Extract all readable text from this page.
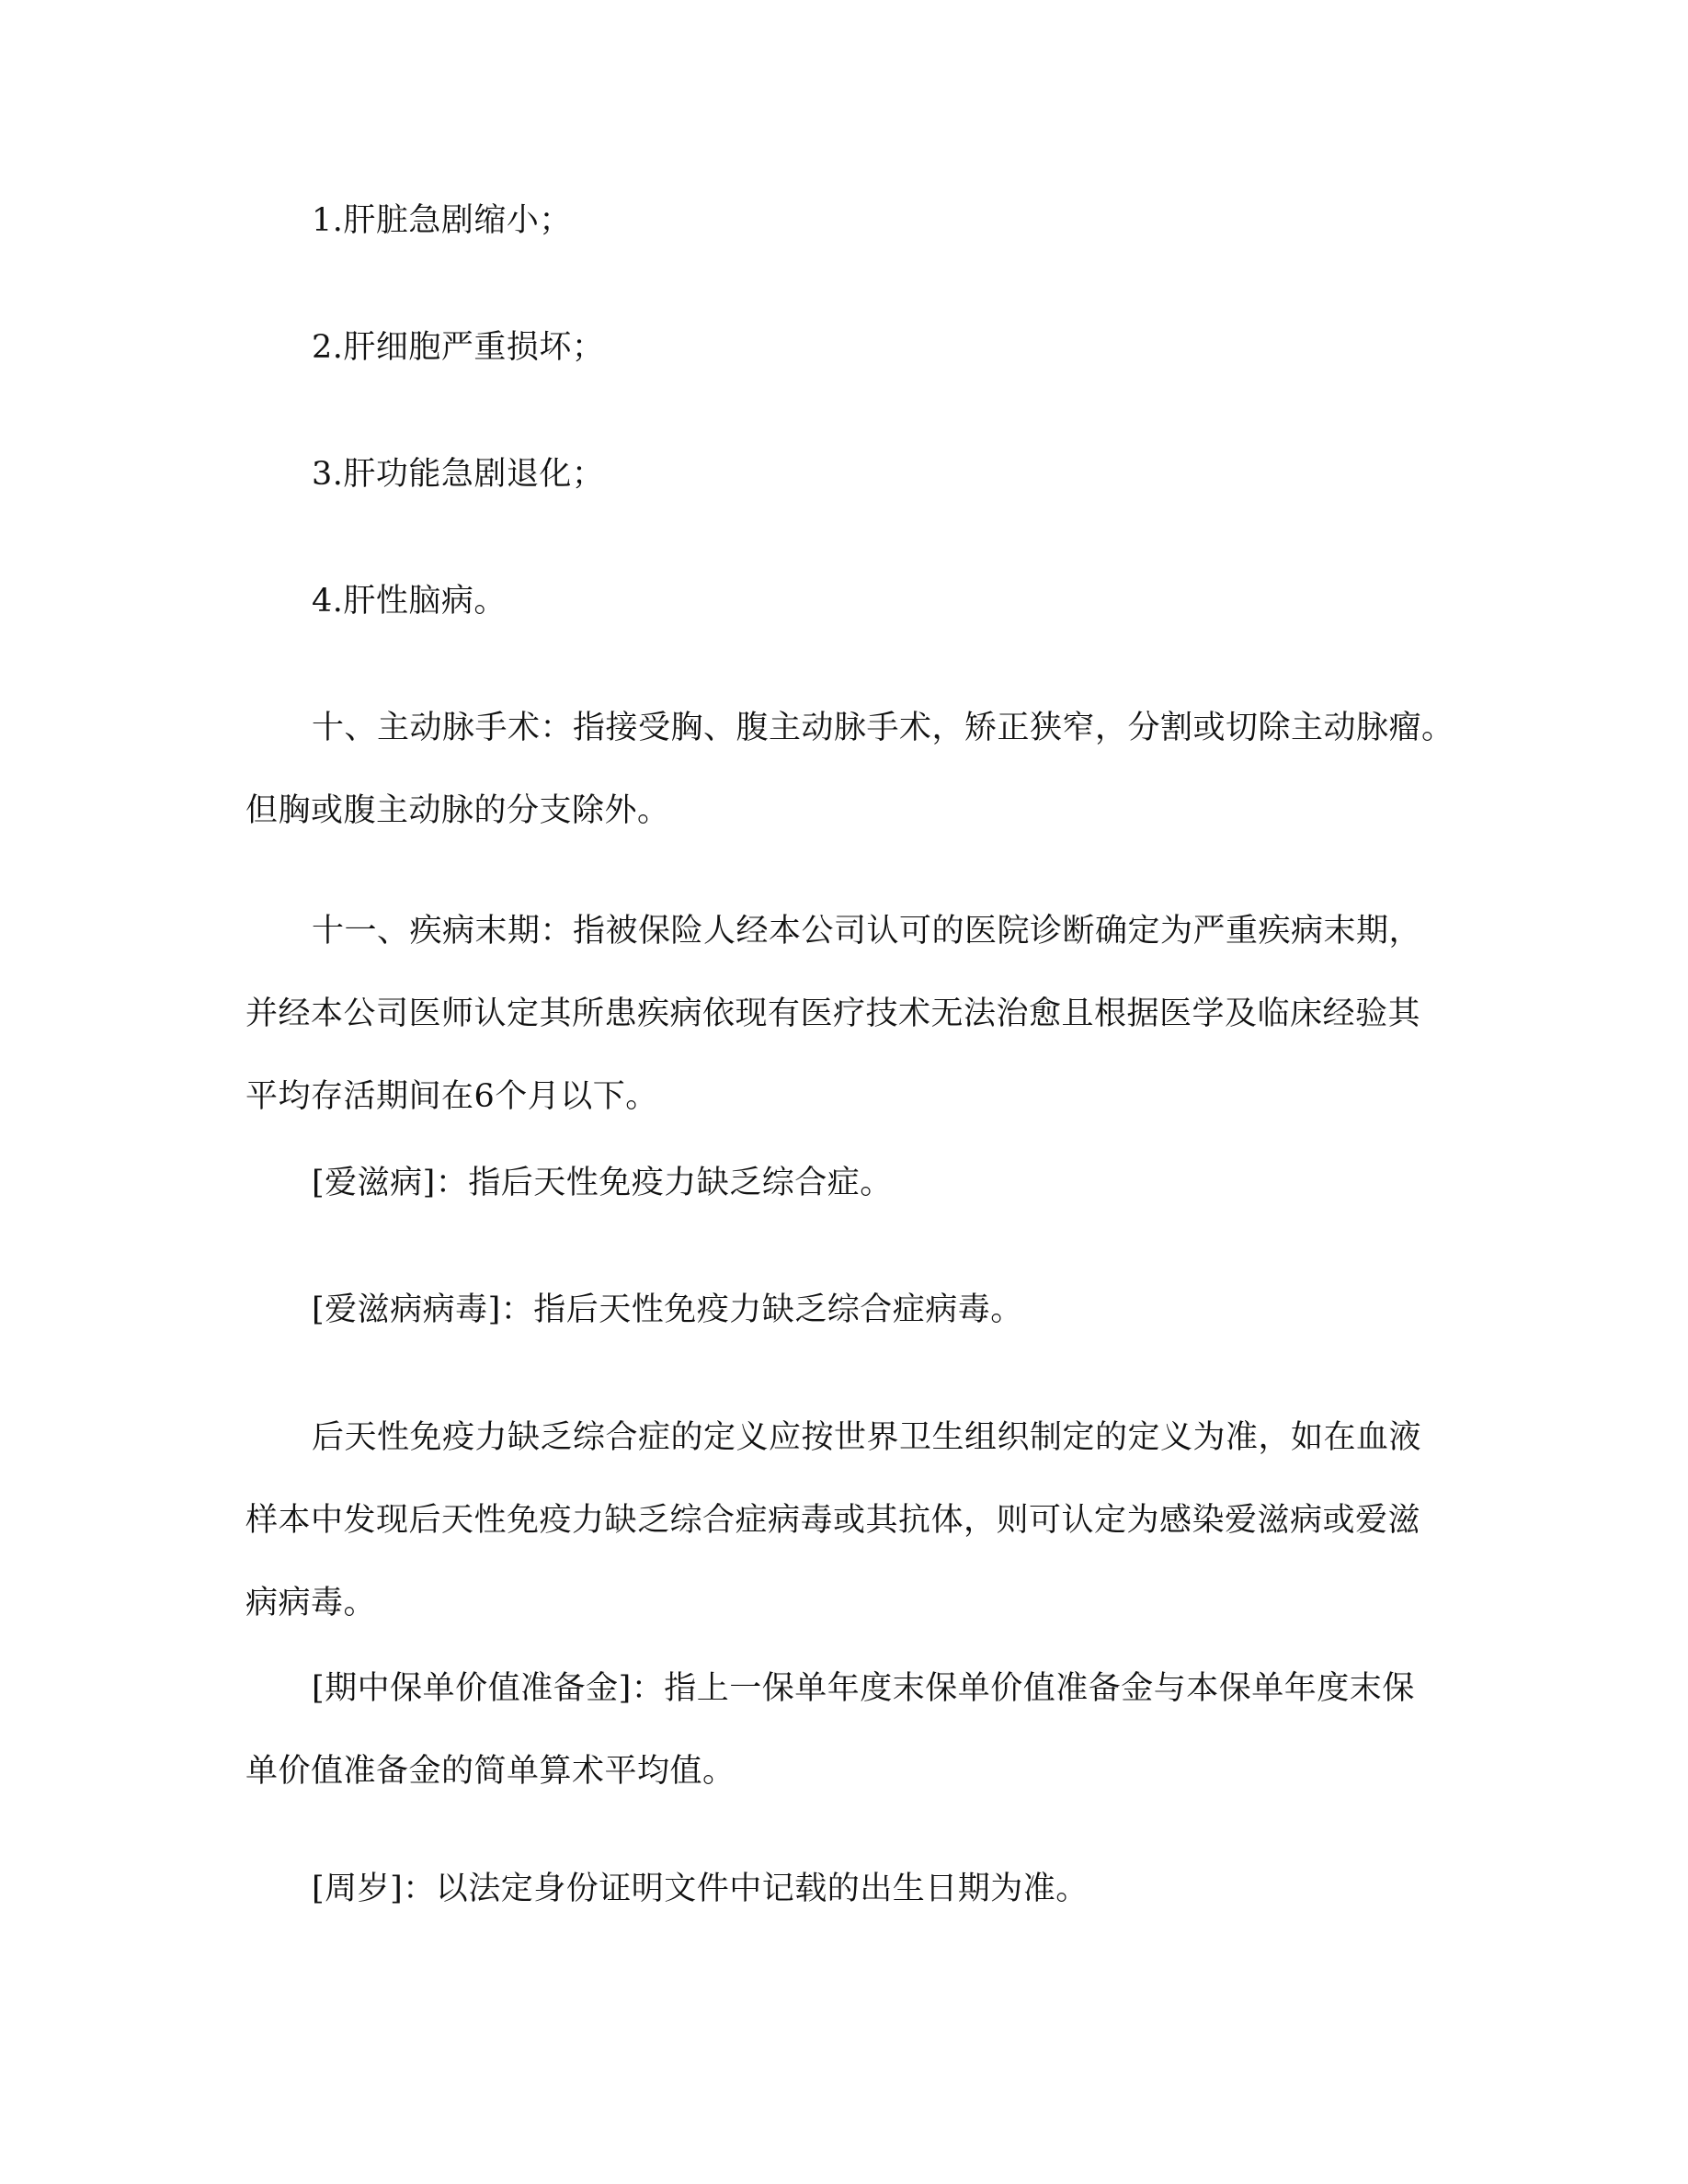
1.肝脏急剧缩小；

2.肝细胞严重损坏；

3.肝功能急剧退化；

4.肝性脑病。

十、主动脉手术：指接受胸、腹主动脉手术，矫正狭窄，分割或切除主动脉瘤。
但胸或腹主动脉的分支除外。

十一、疾病末期：指被保险人经本公司认可的医院诊断确定为严重疾病末期，
并经本公司医师认定其所患疾病依现有医疗技术无法治愈且根据医学及临床经验其
平均存活期间在6个月以下。

[爱滋病]：指后天性免疫力缺乏综合症。

[爱滋病病毒]：指后天性免疫力缺乏综合症病毒。

后天性免疫力缺乏综合症的定义应按世界卫生组织制定的定义为准，如在血液
样本中发现后天性免疫力缺乏综合症病毒或其抗体，则可认定为感染爱滋病或爱滋
病病毒。

[期中保单价值准备金]：指上一保单年度末保单价值准备金与本保单年度末保
单价值准备金的简单算术平均值。

[周岁]：以法定身份证明文件中记载的出生日期为准。
